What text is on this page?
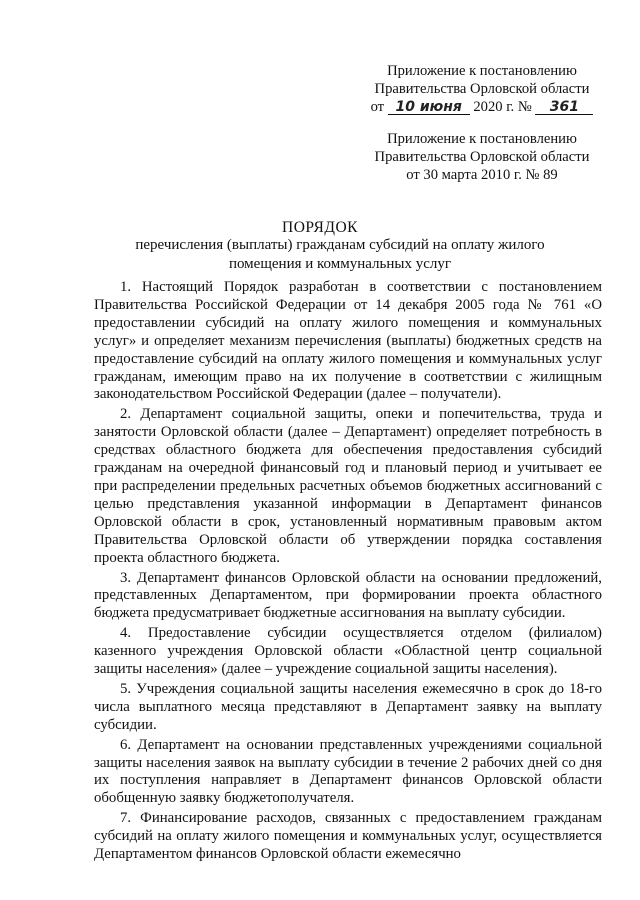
Приложение к постановлению
Правительства Орловской области
от 10 июня 2020 г. № 361
Приложение к постановлению
Правительства Орловской области
от 30 марта 2010 г. № 89
ПОРЯДОК
перечисления (выплаты) гражданам субсидий на оплату жилого помещения и коммунальных услуг

1. Настоящий Порядок разработан в соответствии с постановлением Правительства Российской Федерации от 14 декабря 2005 года № 761 «О предоставлении субсидий на оплату жилого помещения и коммунальных услуг» и определяет механизм перечисления (выплаты) бюджетных средств на предоставление субсидий на оплату жилого помещения и коммунальных услуг гражданам, имеющим право на их получение в соответствии с жилищным законодательством Российской Федерации (далее – получатели).

2. Департамент социальной защиты, опеки и попечительства, труда и занятости Орловской области (далее – Департамент) определяет потребность в средствах областного бюджета для обеспечения предоставления субсидий гражданам на очередной финансовый год и плановый период и учитывает ее при распределении предельных расчетных объемов бюджетных ассигнований с целью представления указанной информации в Департамент финансов Орловской области в срок, установленный нормативным правовым актом Правительства Орловской области об утверждении порядка составления проекта областного бюджета.

3. Департамент финансов Орловской области на основании предложений, представленных Департаментом, при формировании проекта областного бюджета предусматривает бюджетные ассигнования на выплату субсидии.

4. Предоставление субсидии осуществляется отделом (филиалом) казенного учреждения Орловской области «Областной центр социальной защиты населения» (далее – учреждение социальной защиты населения).

5. Учреждения социальной защиты населения ежемесячно в срок до 18-го числа выплатного месяца представляют в Департамент заявку на выплату субсидии.

6. Департамент на основании представленных учреждениями социальной защиты населения заявок на выплату субсидии в течение 2 рабочих дней со дня их поступления направляет в Департамент финансов Орловской области обобщенную заявку бюджетополучателя.

7. Финансирование расходов, связанных с предоставлением гражданам субсидий на оплату жилого помещения и коммунальных услуг, осуществляется Департаментом финансов Орловской области ежемесячно
